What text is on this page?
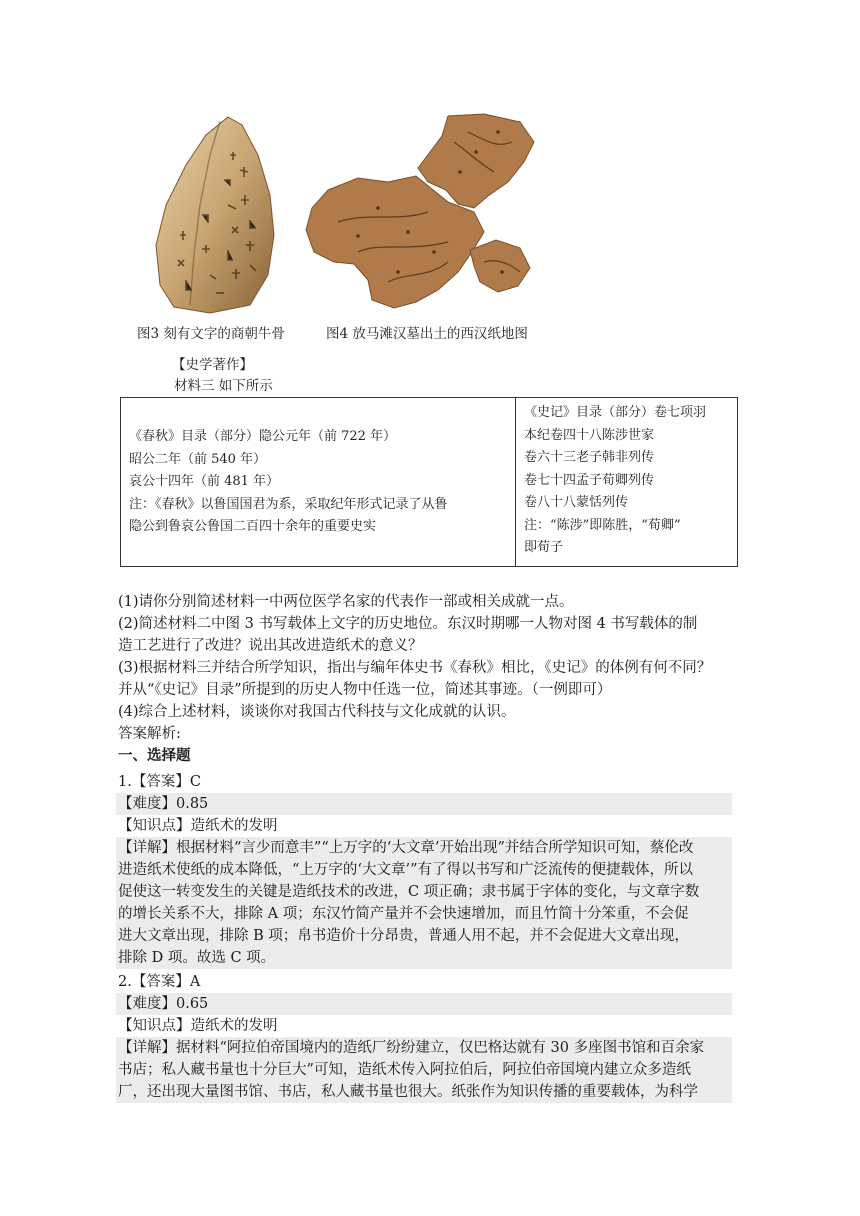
图3 刻有文字的商朝牛骨	图4 放马滩汉墓出土的西汉纸地图
【史学著作】
材料三 如下所示
《春秋》目录（部分）隐公元年（前 722 年）
昭公二年（前 540 年）
哀公十四年（前 481 年）
注：《春秋》以鲁国国君为系，采取纪年形式记录了从鲁
隐公到鲁哀公鲁国二百四十余年的重要史实

《史记》目录（部分）卷七项羽
本纪卷四十八陈涉世家
卷六十三老子韩非列传
卷七十四孟子荀卿列传
卷八十八蒙恬列传
注：“陈涉”即陈胜，“荀卿”
即荀子
(1)请你分别简述材料一中两位医学名家的代表作一部或相关成就一点。
(2)简述材料二中图 3 书写载体上文字的历史地位。东汉时期哪一人物对图 4 书写载体的制
造工艺进行了改进？说出其改进造纸术的意义？
(3)根据材料三并结合所学知识，指出与编年体史书《春秋》相比，《史记》的体例有何不同？
并从“《史记》目录”所提到的历史人物中任选一位，简述其事迹。（一例即可）
(4)综合上述材料，谈谈你对我国古代科技与文化成就的认识。
答案解析:
一、选择题
1.【答案】C
【难度】0.85
【知识点】造纸术的发明
【详解】根据材料“言少而意丰”“上万字的‘大文章’开始出现”并结合所学知识可知，蔡伦改
进造纸术使纸的成本降低，“上万字的‘大文章’”有了得以书写和广泛流传的便捷载体，所以
促使这一转变发生的关键是造纸技术的改进，C 项正确；隶书属于字体的变化，与文章字数
的增长关系不大，排除 A 项；东汉竹简产量并不会快速增加，而且竹简十分笨重，不会促
进大文章出现，排除 B 项；帛书造价十分昂贵，普通人用不起，并不会促进大文章出现，
排除 D 项。故选 C 项。
2.【答案】A
【难度】0.65
【知识点】造纸术的发明
【详解】据材料“阿拉伯帝国境内的造纸厂纷纷建立，仅巴格达就有 30 多座图书馆和百余家
书店；私人藏书量也十分巨大”可知，造纸术传入阿拉伯后，阿拉伯帝国境内建立众多造纸
厂，还出现大量图书馆、书店，私人藏书量也很大。纸张作为知识传播的重要载体，为科学
